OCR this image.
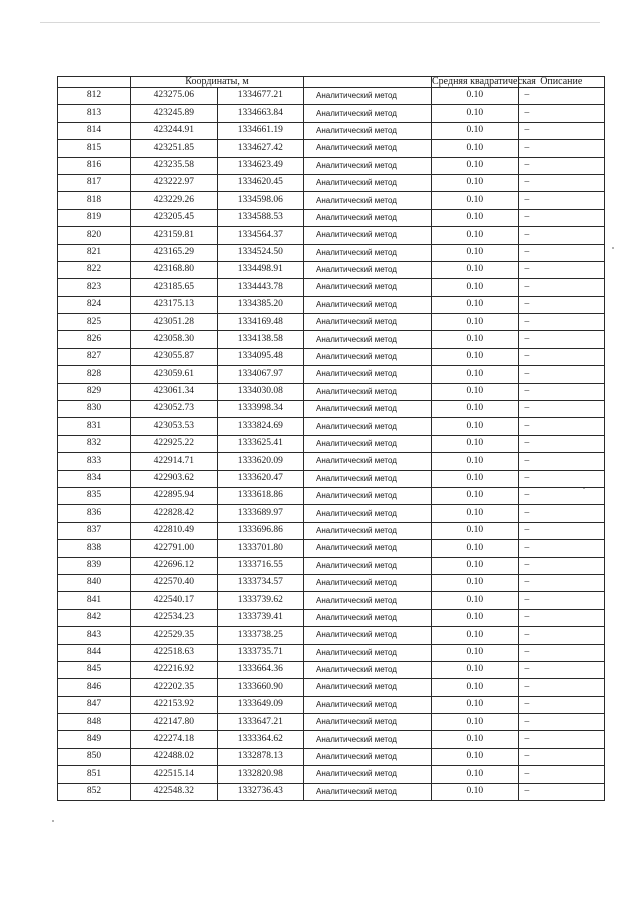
	Координаты, м			Средняя квадратическая	Описание
812	423275.06	1334677.21	Аналитический метод	0.10	–
813	423245.89	1334663.84	Аналитический метод	0.10	–
814	423244.91	1334661.19	Аналитический метод	0.10	–
815	423251.85	1334627.42	Аналитический метод	0.10	–
816	423235.58	1334623.49	Аналитический метод	0.10	–
817	423222.97	1334620.45	Аналитический метод	0.10	–
818	423229.26	1334598.06	Аналитический метод	0.10	–
819	423205.45	1334588.53	Аналитический метод	0.10	–
820	423159.81	1334564.37	Аналитический метод	0.10	–
821	423165.29	1334524.50	Аналитический метод	0.10	–
822	423168.80	1334498.91	Аналитический метод	0.10	–
823	423185.65	1334443.78	Аналитический метод	0.10	–
824	423175.13	1334385.20	Аналитический метод	0.10	–
825	423051.28	1334169.48	Аналитический метод	0.10	–
826	423058.30	1334138.58	Аналитический метод	0.10	–
827	423055.87	1334095.48	Аналитический метод	0.10	–
828	423059.61	1334067.97	Аналитический метод	0.10	–
829	423061.34	1334030.08	Аналитический метод	0.10	–
830	423052.73	1333998.34	Аналитический метод	0.10	–
831	423053.53	1333824.69	Аналитический метод	0.10	–
832	422925.22	1333625.41	Аналитический метод	0.10	–
833	422914.71	1333620.09	Аналитический метод	0.10	–
834	422903.62	1333620.47	Аналитический метод	0.10	–
835	422895.94	1333618.86	Аналитический метод	0.10	–
836	422828.42	1333689.97	Аналитический метод	0.10	–
837	422810.49	1333696.86	Аналитический метод	0.10	–
838	422791.00	1333701.80	Аналитический метод	0.10	–
839	422696.12	1333716.55	Аналитический метод	0.10	–
840	422570.40	1333734.57	Аналитический метод	0.10	–
841	422540.17	1333739.62	Аналитический метод	0.10	–
842	422534.23	1333739.41	Аналитический метод	0.10	–
843	422529.35	1333738.25	Аналитический метод	0.10	–
844	422518.63	1333735.71	Аналитический метод	0.10	–
845	422216.92	1333664.36	Аналитический метод	0.10	–
846	422202.35	1333660.90	Аналитический метод	0.10	–
847	422153.92	1333649.09	Аналитический метод	0.10	–
848	422147.80	1333647.21	Аналитический метод	0.10	–
849	422274.18	1333364.62	Аналитический метод	0.10	–
850	422488.02	1332878.13	Аналитический метод	0.10	–
851	422515.14	1332820.98	Аналитический метод	0.10	–
852	422548.32	1332736.43	Аналитический метод	0.10	–
